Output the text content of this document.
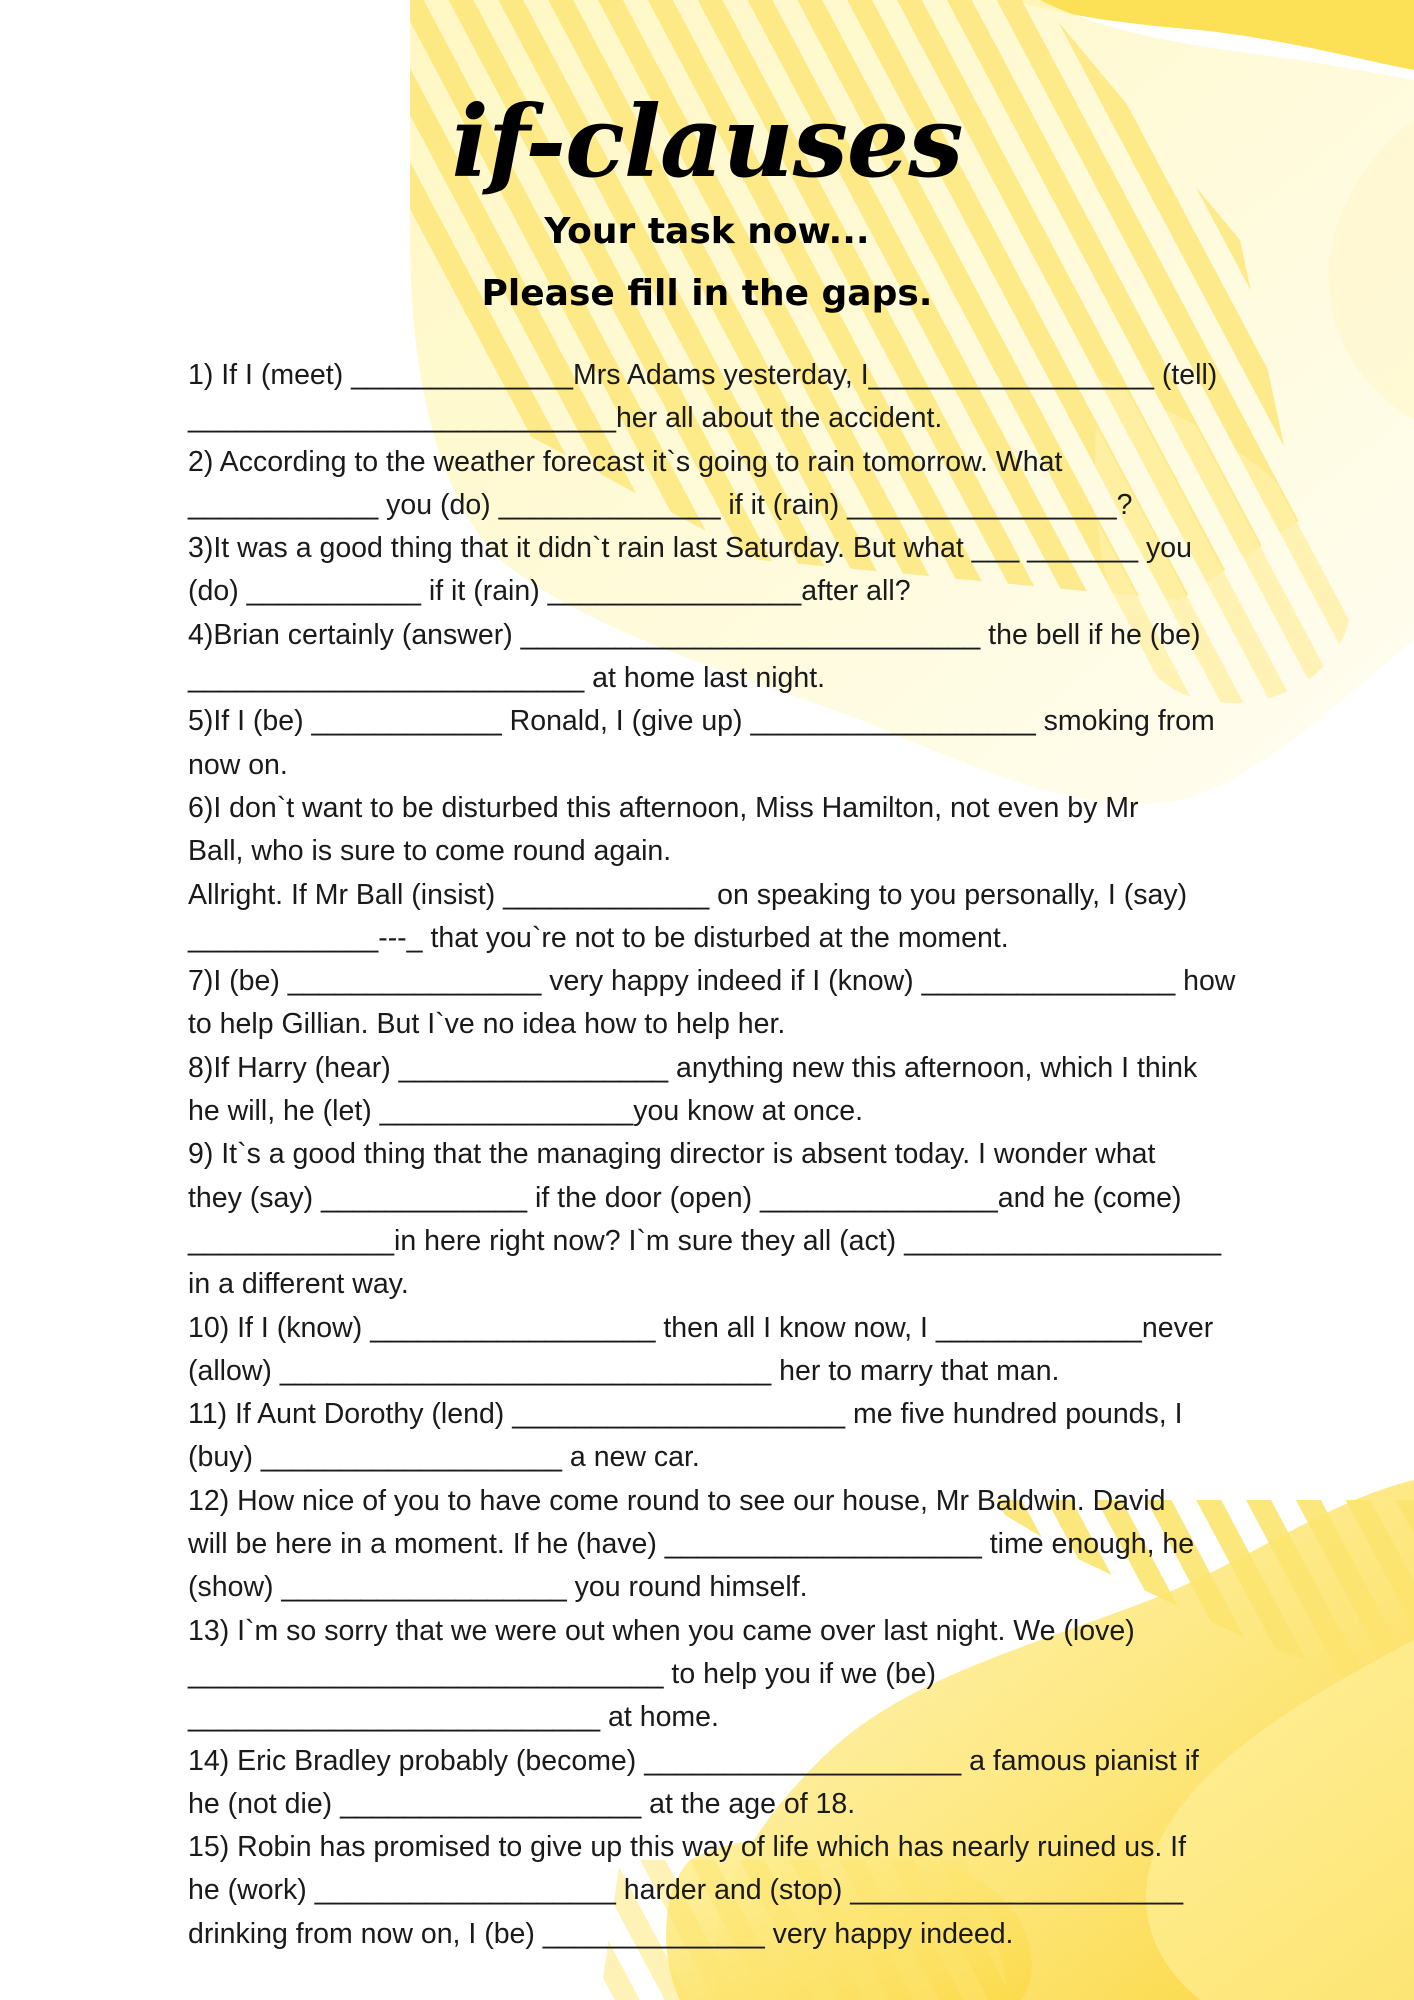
if-clauses

Your task now...

Please fill in the gaps.

1) If I (meet) ______________Mrs Adams yesterday, I__________________ (tell)
___________________________her all about the accident.
2) According to the weather forecast it`s going to rain tomorrow. What
____________ you (do) ______________ if it (rain) _________________?
3)It was a good thing that it didn`t rain last Saturday. But what ___ _______ you
(do) ___________ if it (rain) ________________after all?
4)Brian certainly (answer) _____________________________ the bell if he (be)
_________________________ at home last night.
5)If I (be) ____________ Ronald, I (give up) __________________ smoking from
now on.
6)I don`t want to be disturbed this afternoon, Miss Hamilton, not even by Mr
Ball, who is sure to come round again.
Allright. If Mr Ball (insist) _____________ on speaking to you personally, I (say)
____________---_ that you`re not to be disturbed at the moment.
7)I (be) ________________ very happy indeed if I (know) ________________ how
to help Gillian. But I`ve no idea how to help her.
8)If Harry (hear) _________________ anything new this afternoon, which I think
he will, he (let) ________________you know at once.
9) It`s a good thing that the managing director is absent today. I wonder what
they (say) _____________ if the door (open) _______________and he (come)
_____________in here right now? I`m sure they all (act) ____________________
in a different way.
10) If I (know) __________________ then all I know now, I _____________never
(allow) _______________________________ her to marry that man.
11) If Aunt Dorothy (lend) _____________________ me five hundred pounds, I
(buy) ___________________ a new car.
12) How nice of you to have come round to see our house, Mr Baldwin. David
will be here in a moment. If he (have) ____________________ time enough, he
(show) __________________ you round himself.
13) I`m so sorry that we were out when you came over last night. We (love)
______________________________ to help you if we (be)
__________________________ at home.
14) Eric Bradley probably (become) ____________________ a famous pianist if
he (not die) ___________________ at the age of 18.
15) Robin has promised to give up this way of life which has nearly ruined us. If
he (work) ___________________ harder and (stop) _____________________
drinking from now on, I (be) ______________ very happy indeed.
